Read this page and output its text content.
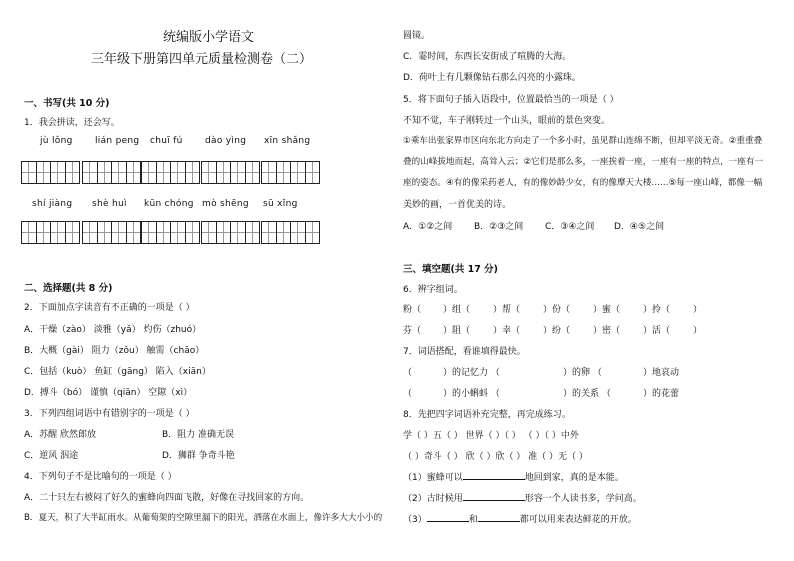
统编版小学语文
三年级下册第四单元质量检测卷（二）
一、书写(共 10 分)
1．我会拼读，还会写。
jù lǒng lián peng chuī fú dào yìng xīn shǎng
shí jiàng shè huì kūn chóng mò shēng sū xǐng
二、选择题(共 8 分)
2．下面加点字读音有不正确的一项是（ ）
A．干燥（zào） 淡雅（yǎ） 灼伤（zhuó）
B．大概（gài） 阻力（zǒu） 触需（chāo）
C．包括（kuò） 鱼缸（gāng） 陷入（xiān）
D．搏斗（bó） 谨慎（qiān） 空隙（xì）
3．下列四组词语中有错别字的一项是（ ）
A．苏醒 欣然郎放	B．阻力 准确无误
C．逆风 泅途	D．狮群 争奇斗艳
4．下列句子不是比喻句的一项是（ ）
A．二十只左右被闷了好久的蜜蜂向四面飞散，好像在寻找回家的方向。
B．夏天，积了大半缸雨水。从葡萄架的空隙里漏下的阳光，洒落在水面上，像许多大大小小的
圆镜。
C．霎时间，东西长安街成了喧腾的大海。
D．荷叶上有几颗像钻石那么闪亮的小露珠。
5．将下面句子插入语段中，位置最恰当的一项是（ ）
不知不觉，车子刚转过一个山头，眼前的景色突变。
①乘车出张家界市区向东北方向走了一个多小时，虽见群山连绵不断，但却平淡无奇。②重重叠
叠的山峰拔地而起，高耸入云；②它们是那么多，一座挨着一座，一座有一座的特点，一座有一
座的姿态。④有的像采药老人，有的像妙龄少女，有的像摩天大楼……⑤每一座山峰，都像一幅
美妙的画，一首优美的诗。
A．①②之间 B．②③之间 C．③④之间 D．④⑤之间
三、填空题(共 17 分)
6．辨字组词。
粉（ ）组（	）帮（	）份（	）蜜（	）拎（	）
芬（ ）阻（	）幸（	）纷（	）密（	）活（	）
7．词语搭配，看谁填得最快。
（	）的记忆力 （	）的卵 （	）地哀动
（	）的小蝌蚪 （	）的关系 （	）的花蕾
8．先把四字词语补充完整，再完成练习。
学（ ）五（ ） 世界（ ）（ ） （ ）（ ）中外
（ ）奇斗（ ） 欣（ ）欣（ ） 准（ ）无（ ）
（1）蜜蜂可以	地回到家，真的是本能。
（2）古时候用	形容一个人读书多，学问高。
（3）	和	都可以用来表达鲜花的开放。
